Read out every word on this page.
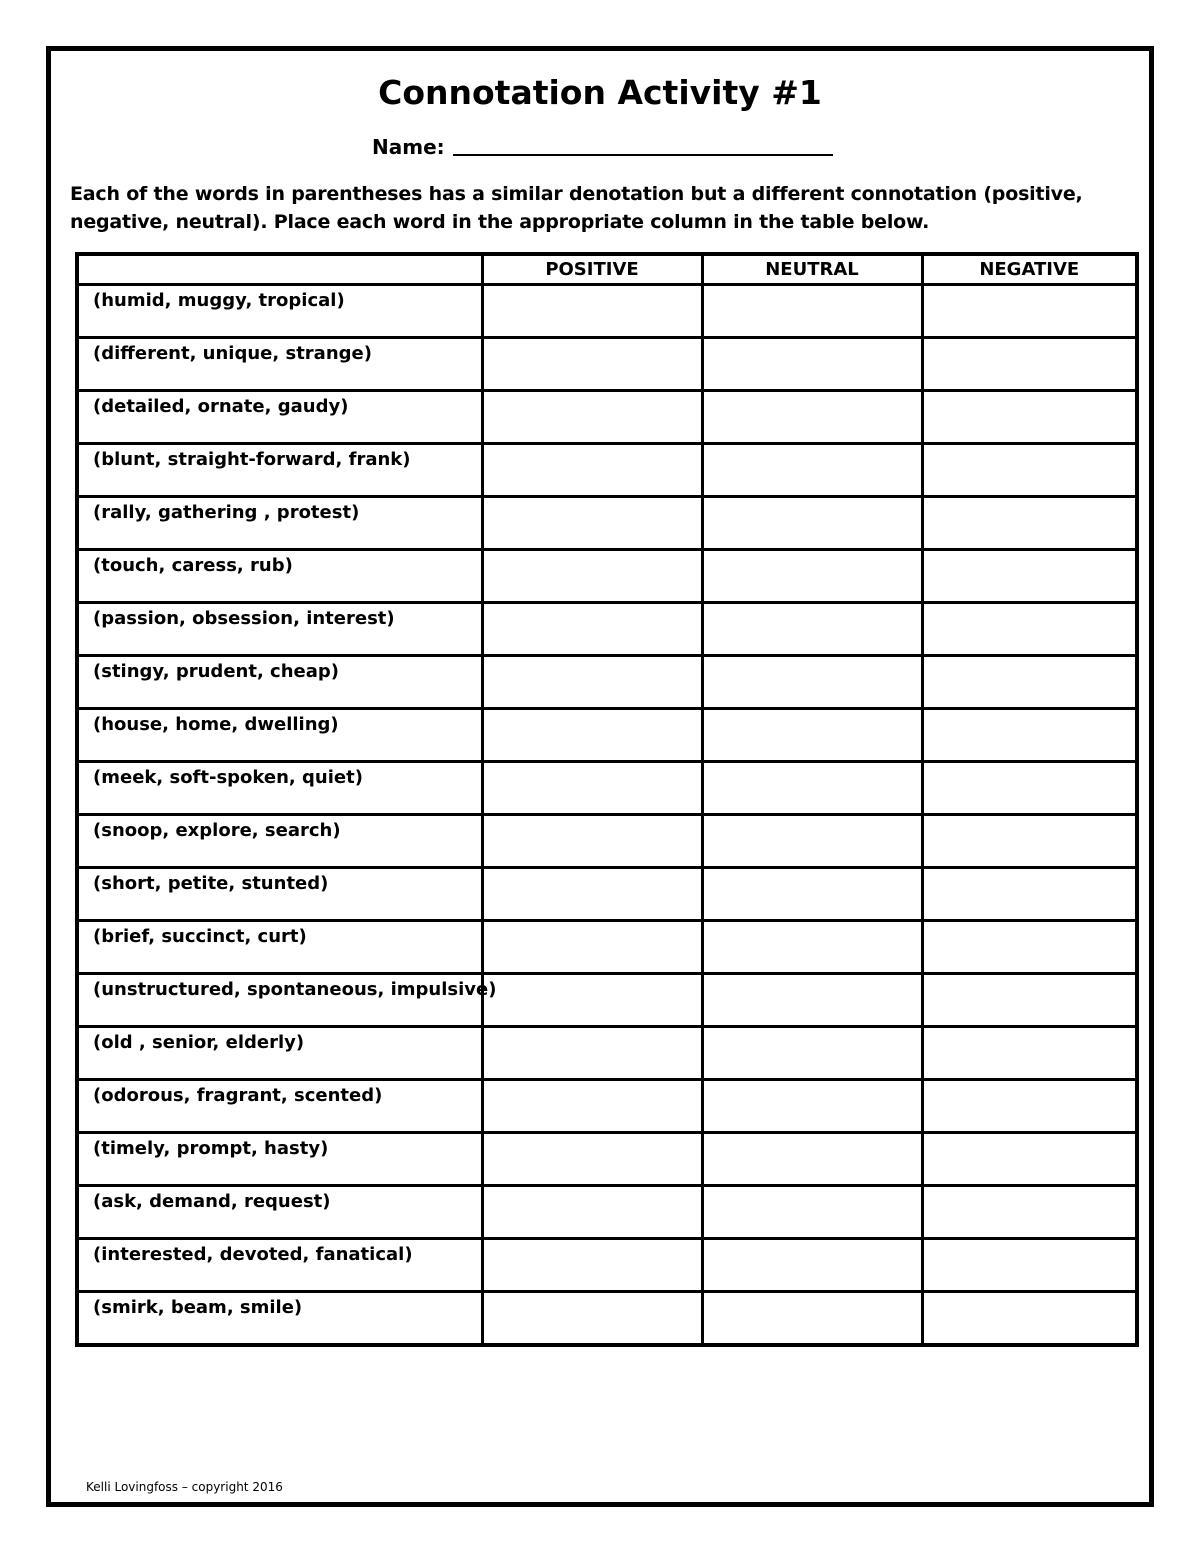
Connotation Activity #1
Name:
Each of the words in parentheses has a similar denotation but a different connotation (positive, negative, neutral). Place each word in the appropriate column in the table below.
	POSITIVE	NEUTRAL	NEGATIVE
(humid, muggy, tropical)			
(different, unique, strange)			
(detailed, ornate, gaudy)			
(blunt, straight-forward, frank)			
(rally, gathering , protest)			
(touch, caress, rub)			
(passion, obsession, interest)			
(stingy, prudent, cheap)			
(house, home, dwelling)			
(meek, soft-spoken, quiet)			
(snoop, explore, search)			
(short, petite, stunted)			
(brief, succinct, curt)			
(unstructured, spontaneous, impulsive)			
(old , senior, elderly)			
(odorous, fragrant, scented)			
(timely, prompt, hasty)			
(ask, demand, request)			
(interested, devoted, fanatical)			
(smirk, beam, smile)			
Kelli Lovingfoss – copyright 2016
